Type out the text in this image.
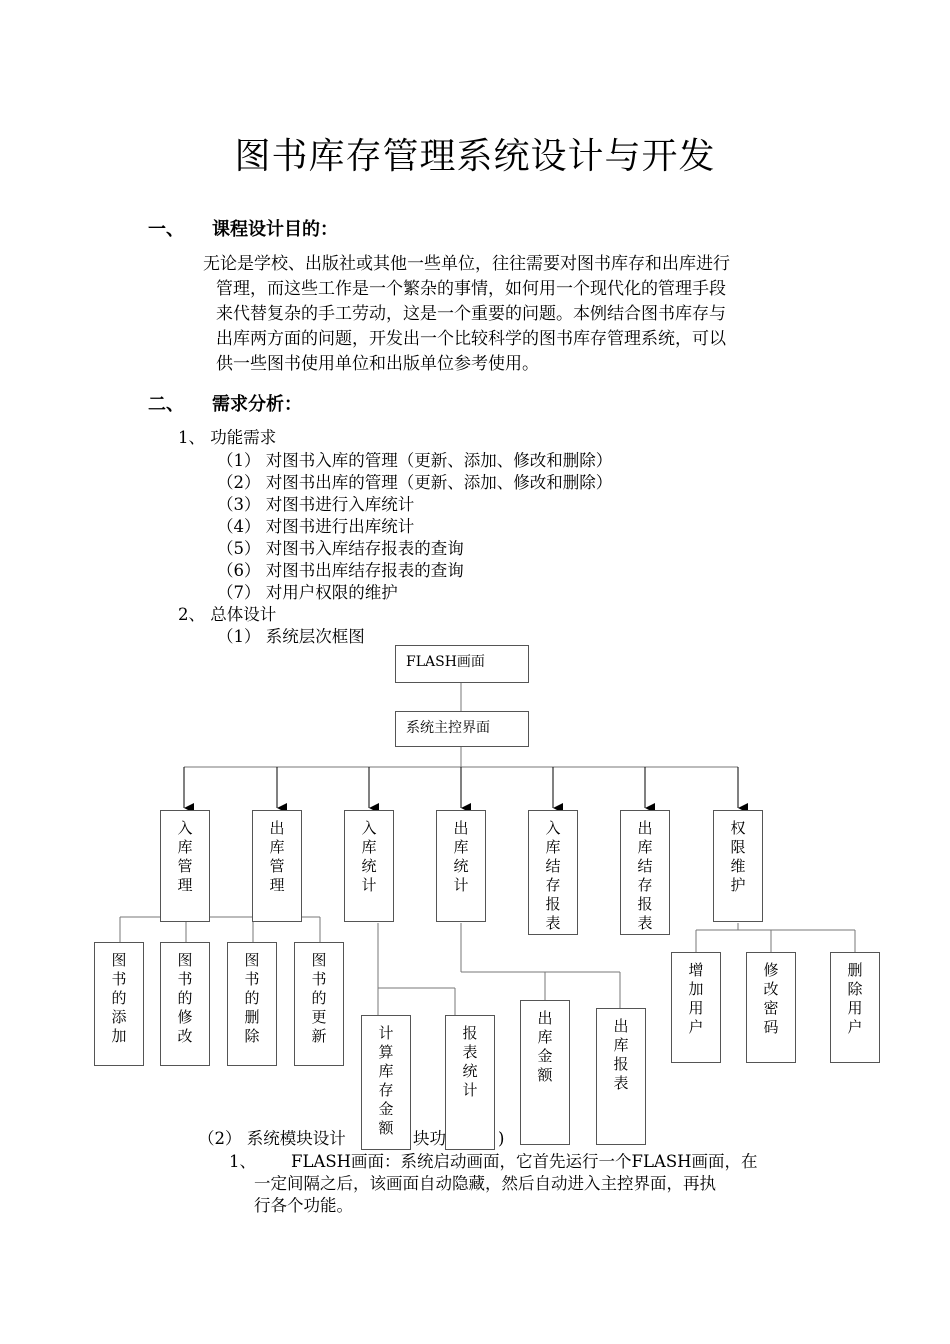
图书库存管理系统设计与开发
一、 课程设计目的：
无论是学校、出版社或其他一些单位，往往需要对图书库存和出库进行
管理，而这些工作是一个繁杂的事情，如何用一个现代化的管理手段
来代替复杂的手工劳动，这是一个重要的问题。本例结合图书库存与
出库两方面的问题，开发出一个比较科学的图书库存管理系统，可以
供一些图书使用单位和出版单位参考使用。
二、 需求分析：
1、 功能需求
（1） 对图书入库的管理（更新、添加、修改和删除）
（2） 对图书出库的管理（更新、添加、修改和删除）
（3） 对图书进行入库统计
（4） 对图书进行出库统计
（5） 对图书入库结存报表的查询
（6） 对图书出库结存报表的查询
（7） 对用户权限的维护
2、 总体设计
（1） 系统层次框图
FLASH画面
系统主控界面
入库管理
出库管理
入库统计
出库统计
入库结存报表
出库结存报表
权限维护
图书的添加
图书的修改
图书的删除
图书的更新	计算库存金额
报表统计
出库金额
出库报表
增加用户
修改密码
删除用户
（2） 系统模块设计	块功	)
1、 FLASH画面：系统启动画面，它首先运行一个FLASH画面，在
一定间隔之后，该画面自动隐藏，然后自动进入主控界面，再执
行各个功能。
